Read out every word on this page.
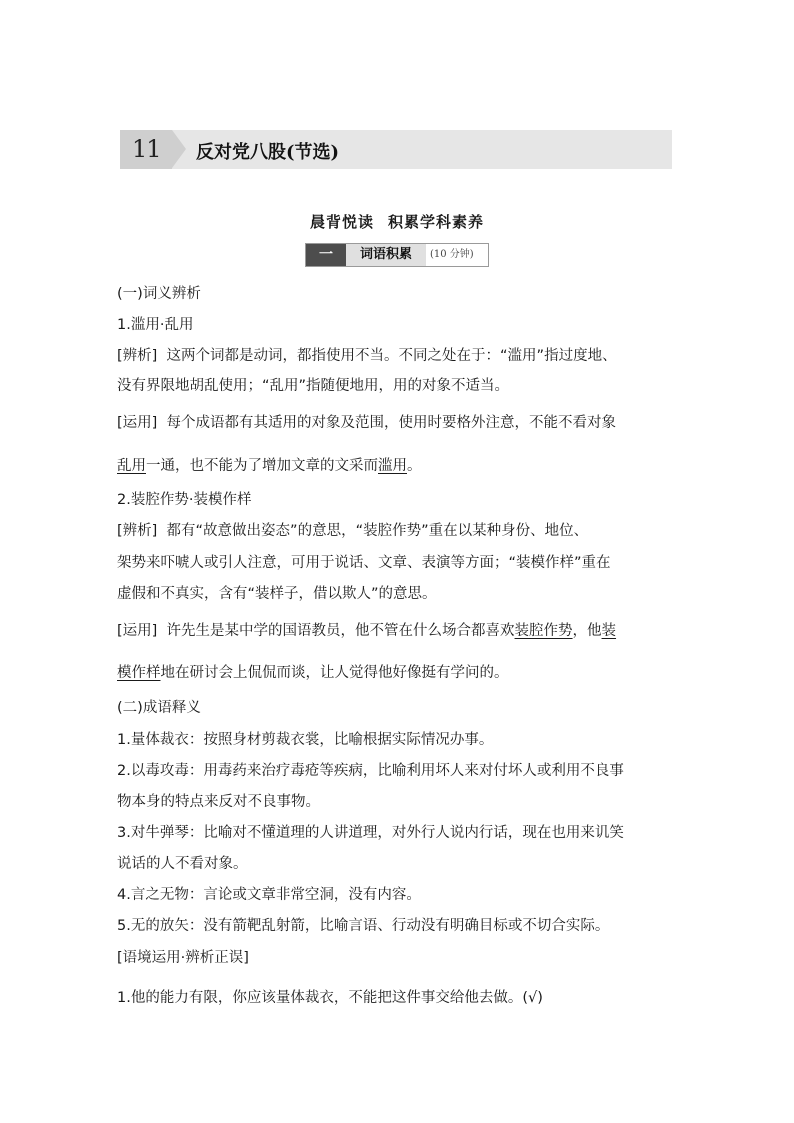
11 反对党八股(节选)
晨背悦读 积累学科素养
一	词语积累	(10 分钟)
(一)词义辨析
1.滥用·乱用
[辨析] 这两个词都是动词，都指使用不当。不同之处在于：“滥用”指过度地、
没有界限地胡乱使用；“乱用”指随便地用，用的对象不适当。
[运用] 每个成语都有其适用的对象及范围，使用时要格外注意，不能不看对象
乱用一通，也不能为了增加文章的文采而滥用。
2.装腔作势·装模作样
[辨析] 都有“故意做出姿态”的意思，“装腔作势”重在以某种身份、地位、
架势来吓唬人或引人注意，可用于说话、文章、表演等方面；“装模作样”重在
虚假和不真实，含有“装样子，借以欺人”的意思。
[运用] 许先生是某中学的国语教员，他不管在什么场合都喜欢装腔作势，他装
模作样地在研讨会上侃侃而谈，让人觉得他好像挺有学问的。
(二)成语释义
1.量体裁衣：按照身材剪裁衣裳，比喻根据实际情况办事。
2.以毒攻毒：用毒药来治疗毒疮等疾病，比喻利用坏人来对付坏人或利用不良事
物本身的特点来反对不良事物。
3.对牛弹琴：比喻对不懂道理的人讲道理，对外行人说内行话，现在也用来讥笑
说话的人不看对象。
4.言之无物：言论或文章非常空洞，没有内容。
5.无的放矢：没有箭靶乱射箭，比喻言语、行动没有明确目标或不切合实际。
[语境运用·辨析正误]
1.他的能力有限，你应该量体裁衣，不能把这件事交给他去做。(√)
